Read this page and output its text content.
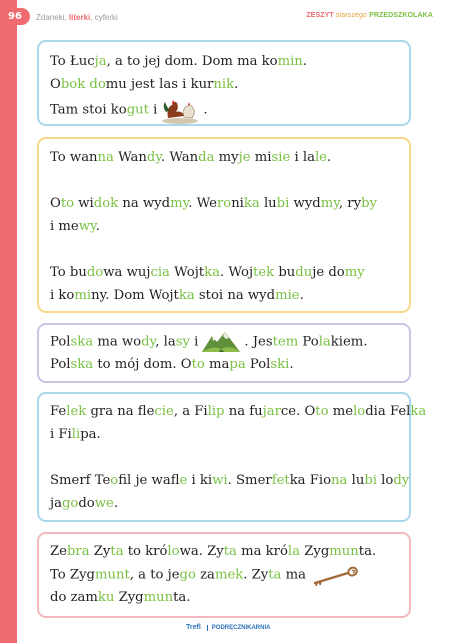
96	Zdaneki, literki, cyferki	ZESZYT starszego PRZEDSZKOLAKA
To Łucja, a to jej dom. Dom ma komin.
Obok domu jest las i kurnik.
Tam stoi kogut i	.
To wanna Wandy. Wanda myje misie i lale.
Oto widok na wydmy. Weronika lubi wydmy, ryby
i mewy.
To budowa wujcia Wojtka. Wojtek buduje domy
i kominy. Dom Wojtka stoi na wydmie.
Polska ma wody, lasy i	. Jestem Polakiem.
Polska to mój dom. Oto mapa Polski.
Felek gra na flecie, a Filip na fujarce. Oto melodia Felka
i Filipa.
Smerf Teofil je wafle i kiwi. Smerfetka Fiona lubi lody
jagodowe.
Zebra Zyta to królowa. Zyta ma króla Zygmunta.
To Zygmunt, a to jego zamek. Zyta ma
do zamku Zygmunta.
Trefl	PODRĘCZNIKARNIA
